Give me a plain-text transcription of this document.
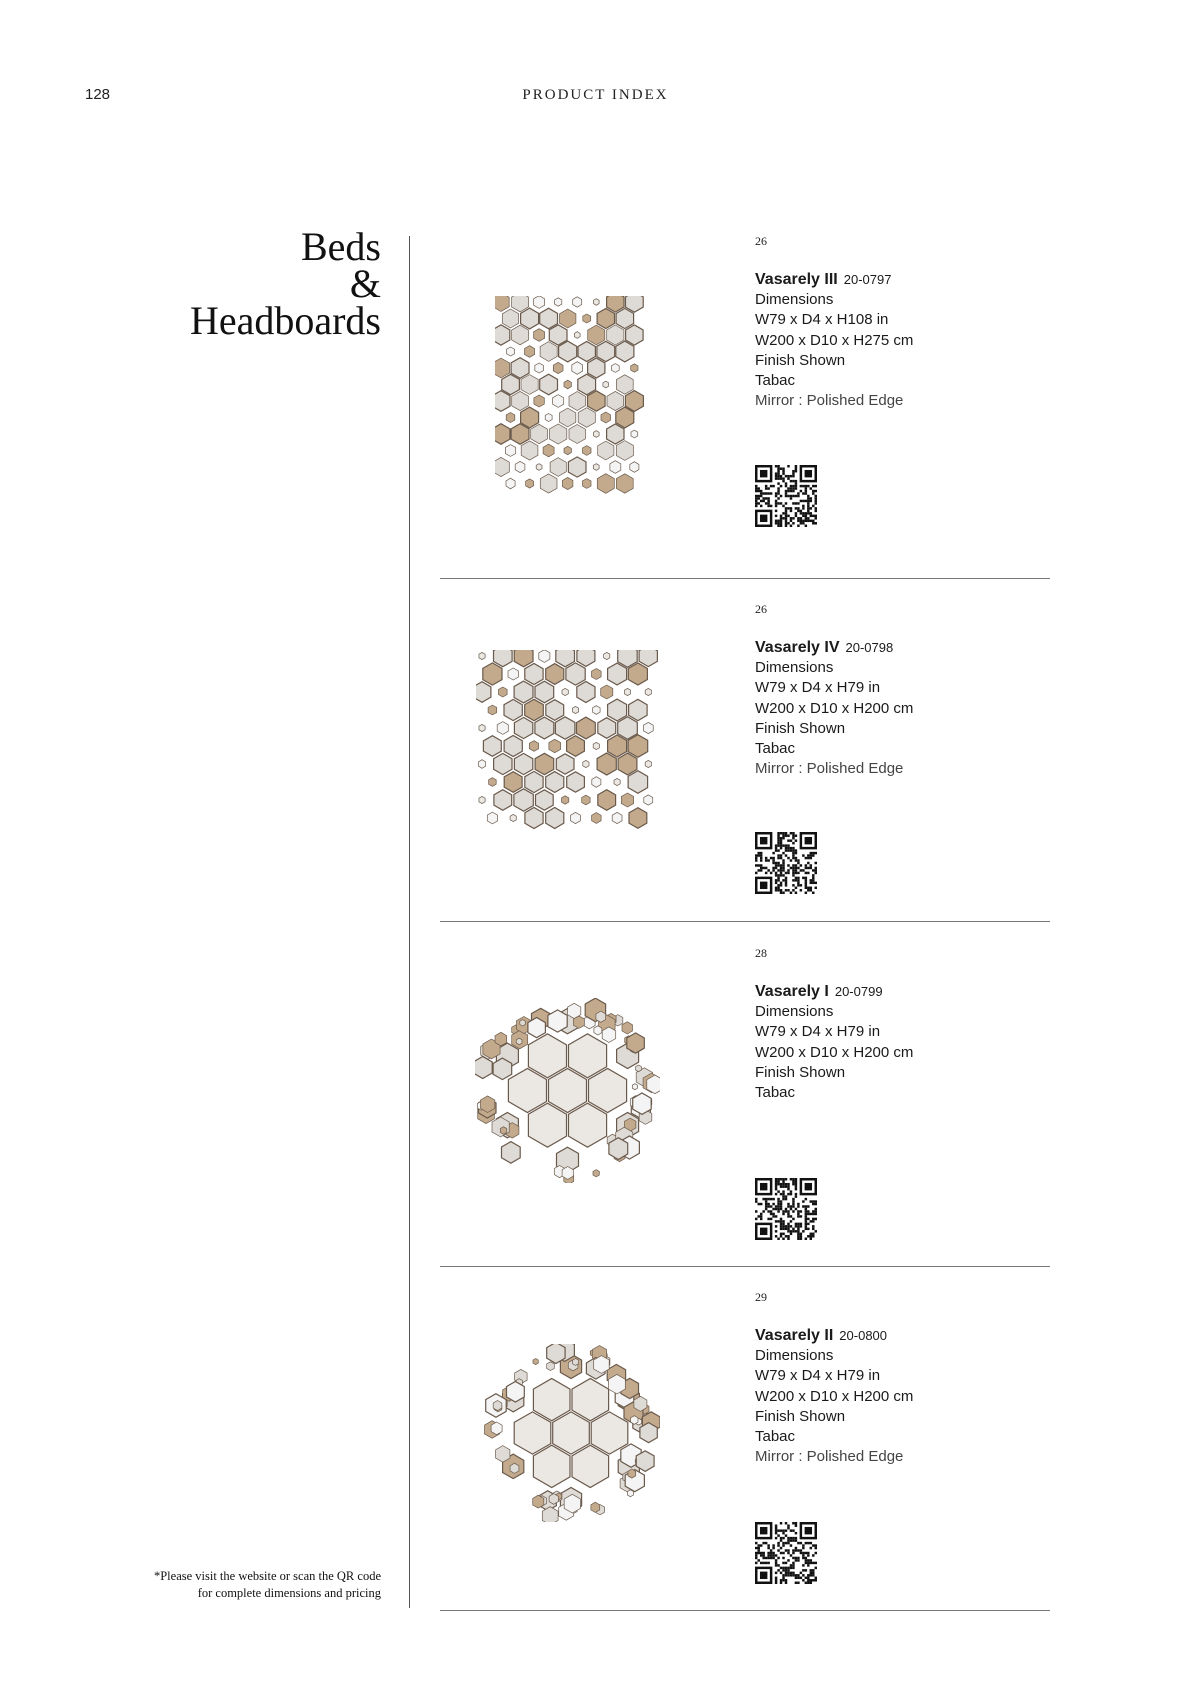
128	PRODUCT INDEX
Beds
&
Headboards
*Please visit the website or scan the QR code
for complete dimensions and pricing
26
Vasarely III 20-0797
Dimensions
W79 x D4 x H108 in
W200 x D10 x H275 cm
Finish Shown
Tabac
Mirror : Polished Edge
26
Vasarely IV 20-0798
Dimensions
W79 x D4 x H79 in
W200 x D10 x H200 cm
Finish Shown
Tabac
Mirror : Polished Edge
28
Vasarely I 20-0799
Dimensions
W79 x D4 x H79 in
W200 x D10 x H200 cm
Finish Shown
Tabac
29
Vasarely II 20-0800
Dimensions
W79 x D4 x H79 in
W200 x D10 x H200 cm
Finish Shown
Tabac
Mirror : Polished Edge
